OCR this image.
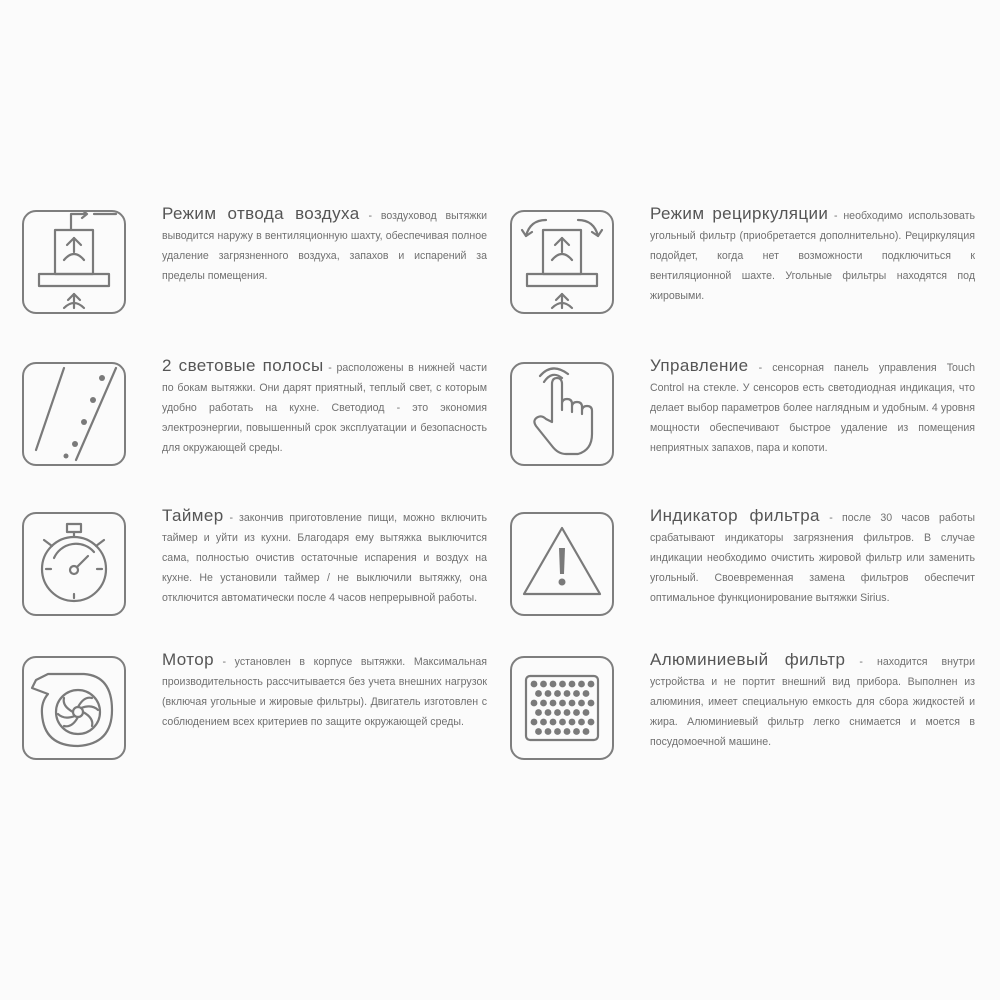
Режим отвода воздуха - воздуховод вытяжки выводится наружу в вентиляционную шахту, обеспечивая полное удаление загрязненного воздуха, запахов и испарений за пределы помещения.
Режим рециркуляции - необходимо использовать угольный фильтр (приобретается дополнительно). Рециркуляция подойдет, когда нет возможности подключиться к вентиляционной шахте. Угольные фильтры находятся под жировыми.
2 световые полосы - расположены в нижней части по бокам вытяжки. Они дарят приятный, теплый свет, с которым удобно работать на кухне. Светодиод - это экономия электроэнергии, повышенный срок эксплуатации и безопасность для окружающей среды.
Управление - сенсорная панель управления Touch Control на стекле. У сенсоров есть светодиодная индикация, что делает выбор параметров более наглядным и удобным. 4 уровня мощности обеспечивают быстрое удаление из помещения неприятных запахов, пара и копоти.
Таймер - закончив приготовление пищи, можно включить таймер и уйти из кухни. Благодаря ему вытяжка выключится сама, полностью очистив остаточные испарения и воздух на кухне. Не установили таймер / не выключили вытяжку, она отключится автоматически после 4 часов непрерывной работы.
Индикатор фильтра - после 30 часов работы срабатывают индикаторы загрязнения фильтров. В случае индикации необходимо очистить жировой фильтр или заменить угольный. Своевременная замена фильтров обеспечит оптимальное функционирование вытяжки Sirius.
Мотор - установлен в корпусе вытяжки. Максимальная производительность рассчитывается без учета внешних нагрузок (включая угольные и жировые фильтры). Двигатель изготовлен с соблюдением всех критериев по защите окружающей среды.
Алюминиевый фильтр - находится внутри устройства и не портит внешний вид прибора. Выполнен из алюминия, имеет специальную емкость для сбора жидкостей и жира. Алюминиевый фильтр легко снимается и моется в посудомоечной машине.
